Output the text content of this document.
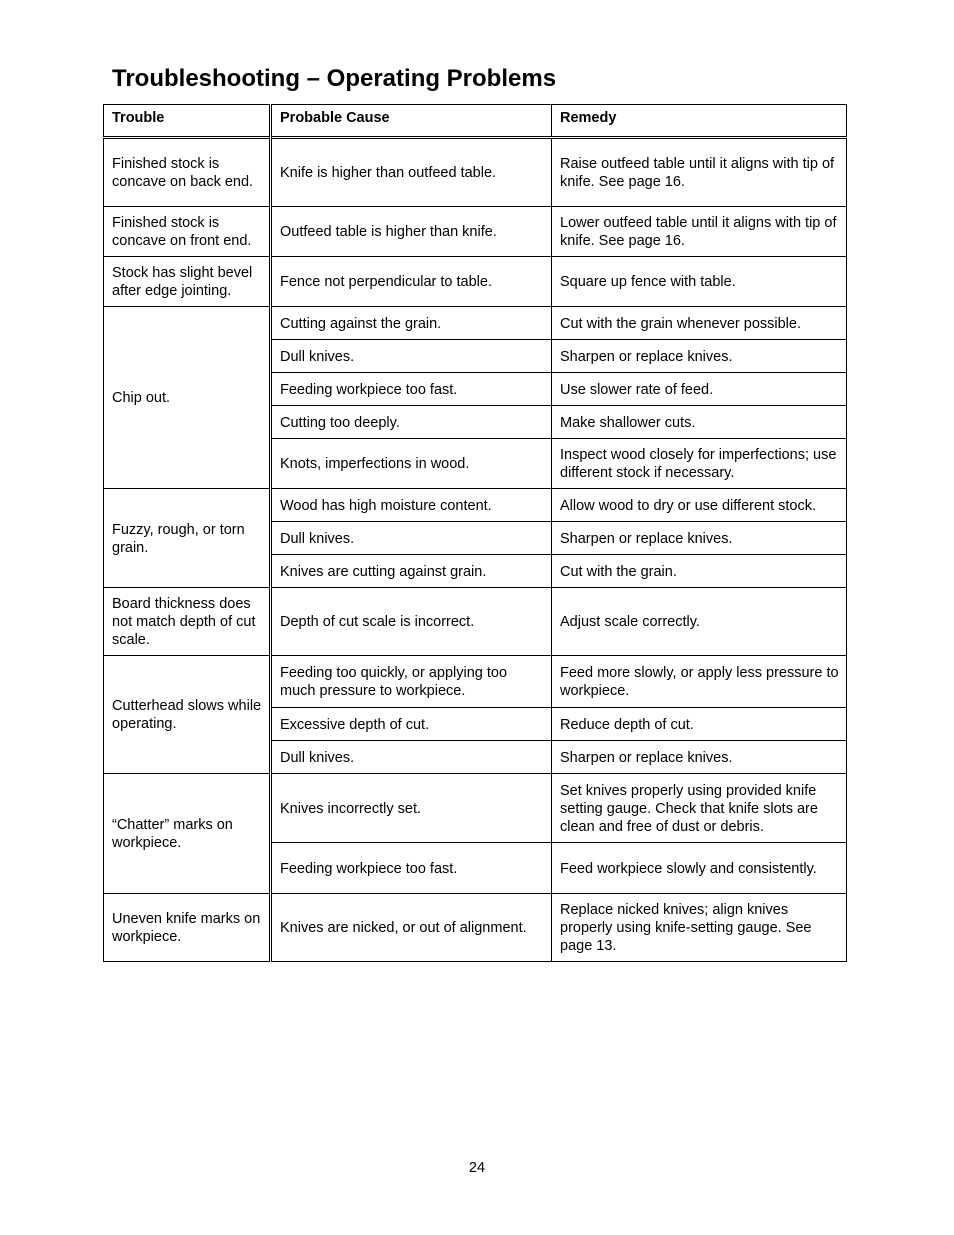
Troubleshooting – Operating Problems
Trouble	Probable Cause	Remedy
Finished stock is concave on back end.	Knife is higher than outfeed table.	Raise outfeed table until it aligns with tip of knife. See page 16.
Finished stock is concave on front end.	Outfeed table is higher than knife.	Lower outfeed table until it aligns with tip of knife. See page 16.
Stock has slight bevel after edge jointing.	Fence not perpendicular to table.	Square up fence with table.
Chip out.	Cutting against the grain.	Cut with the grain whenever possible.
	Dull knives.	Sharpen or replace knives.
	Feeding workpiece too fast.	Use slower rate of feed.
	Cutting too deeply.	Make shallower cuts.
	Knots, imperfections in wood.	Inspect wood closely for imperfections; use different stock if necessary.
Fuzzy, rough, or torn grain.	Wood has high moisture content.	Allow wood to dry or use different stock.
	Dull knives.	Sharpen or replace knives.
	Knives are cutting against grain.	Cut with the grain.
Board thickness does not match depth of cut scale.	Depth of cut scale is incorrect.	Adjust scale correctly.
Cutterhead slows while operating.	Feeding too quickly, or applying too much pressure to workpiece.	Feed more slowly, or apply less pressure to workpiece.
	Excessive depth of cut.	Reduce depth of cut.
	Dull knives.	Sharpen or replace knives.
“Chatter” marks on workpiece.	Knives incorrectly set.	Set knives properly using provided knife setting gauge. Check that knife slots are clean and free of dust or debris.
	Feeding workpiece too fast.	Feed workpiece slowly and consistently.
Uneven knife marks on workpiece.	Knives are nicked, or out of alignment.	Replace nicked knives; align knives properly using knife-setting gauge. See page 13.
24
